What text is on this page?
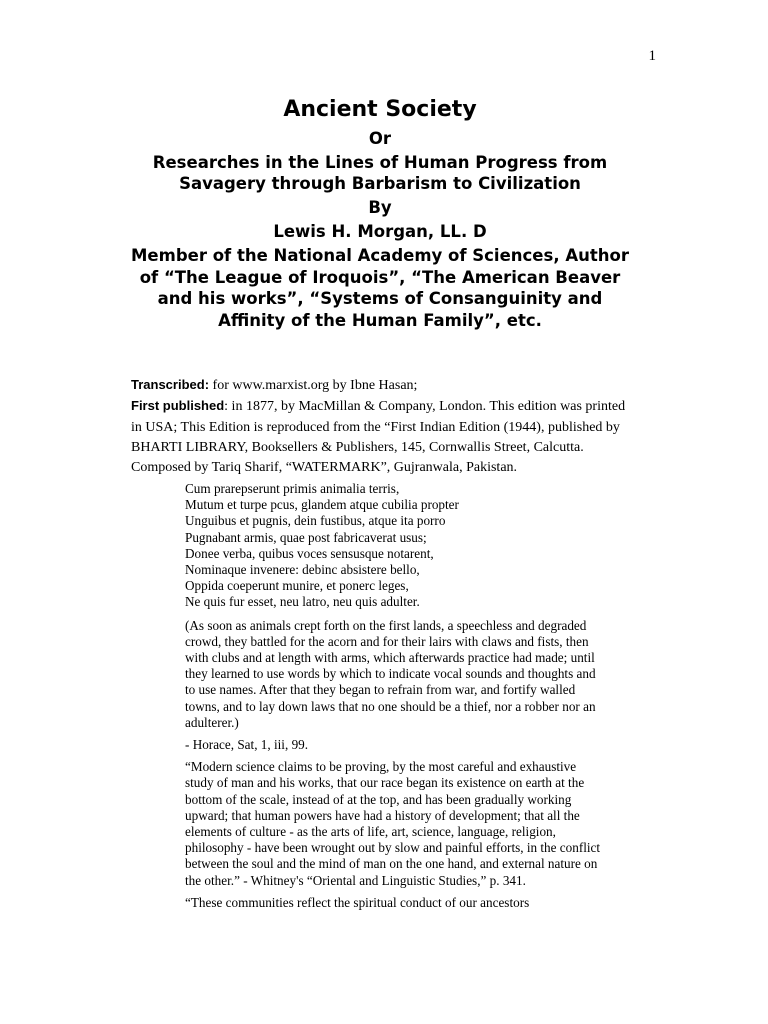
1
Ancient Society
Or
Researches in the Lines of Human Progress from Savagery through Barbarism to Civilization
By
Lewis H. Morgan, LL. D
Member of the National Academy of Sciences, Author of “The League of Iroquois”, “The American Beaver and his works”, “Systems of Consanguinity and Affinity of the Human Family”, etc.

Transcribed: for www.marxist.org by Ibne Hasan;

First published: in 1877, by MacMillan & Company, London. This edition was printed in USA; This Edition is reproduced from the “First Indian Edition (1944), published by BHARTI LIBRARY, Booksellers & Publishers, 145, Cornwallis Street, Calcutta. Composed by Tariq Sharif, “WATERMARK”, Gujranwala, Pakistan.

Cum prarepserunt primis animalia terris,
Mutum et turpe pcus, glandem atque cubilia propter
Unguibus et pugnis, dein fustibus, atque ita porro
Pugnabant armis, quae post fabricaverat usus;
Donee verba, quibus voces sensusque notarent,
Nominaque invenere: debinc absistere bello,
Oppida coeperunt munire, et ponerc leges,
Ne quis fur esset, neu latro, neu quis adulter.

(As soon as animals crept forth on the first lands, a speechless and degraded crowd, they battled for the acorn and for their lairs with claws and fists, then with clubs and at length with arms, which afterwards practice had made; until they learned to use words by which to indicate vocal sounds and thoughts and to use names. After that they began to refrain from war, and fortify walled towns, and to lay down laws that no one should be a thief, nor a robber nor an adulterer.)

- Horace, Sat, 1, iii, 99.

“Modern science claims to be proving, by the most careful and exhaustive study of man and his works, that our race began its existence on earth at the bottom of the scale, instead of at the top, and has been gradually working upward; that human powers have had a history of development; that all the elements of culture - as the arts of life, art, science, language, religion, philosophy - have been wrought out by slow and painful efforts, in the conflict between the soul and the mind of man on the one hand, and external nature on the other.” - Whitney's “Oriental and Linguistic Studies,” p. 341.

“These communities reflect the spiritual conduct of our ancestors
